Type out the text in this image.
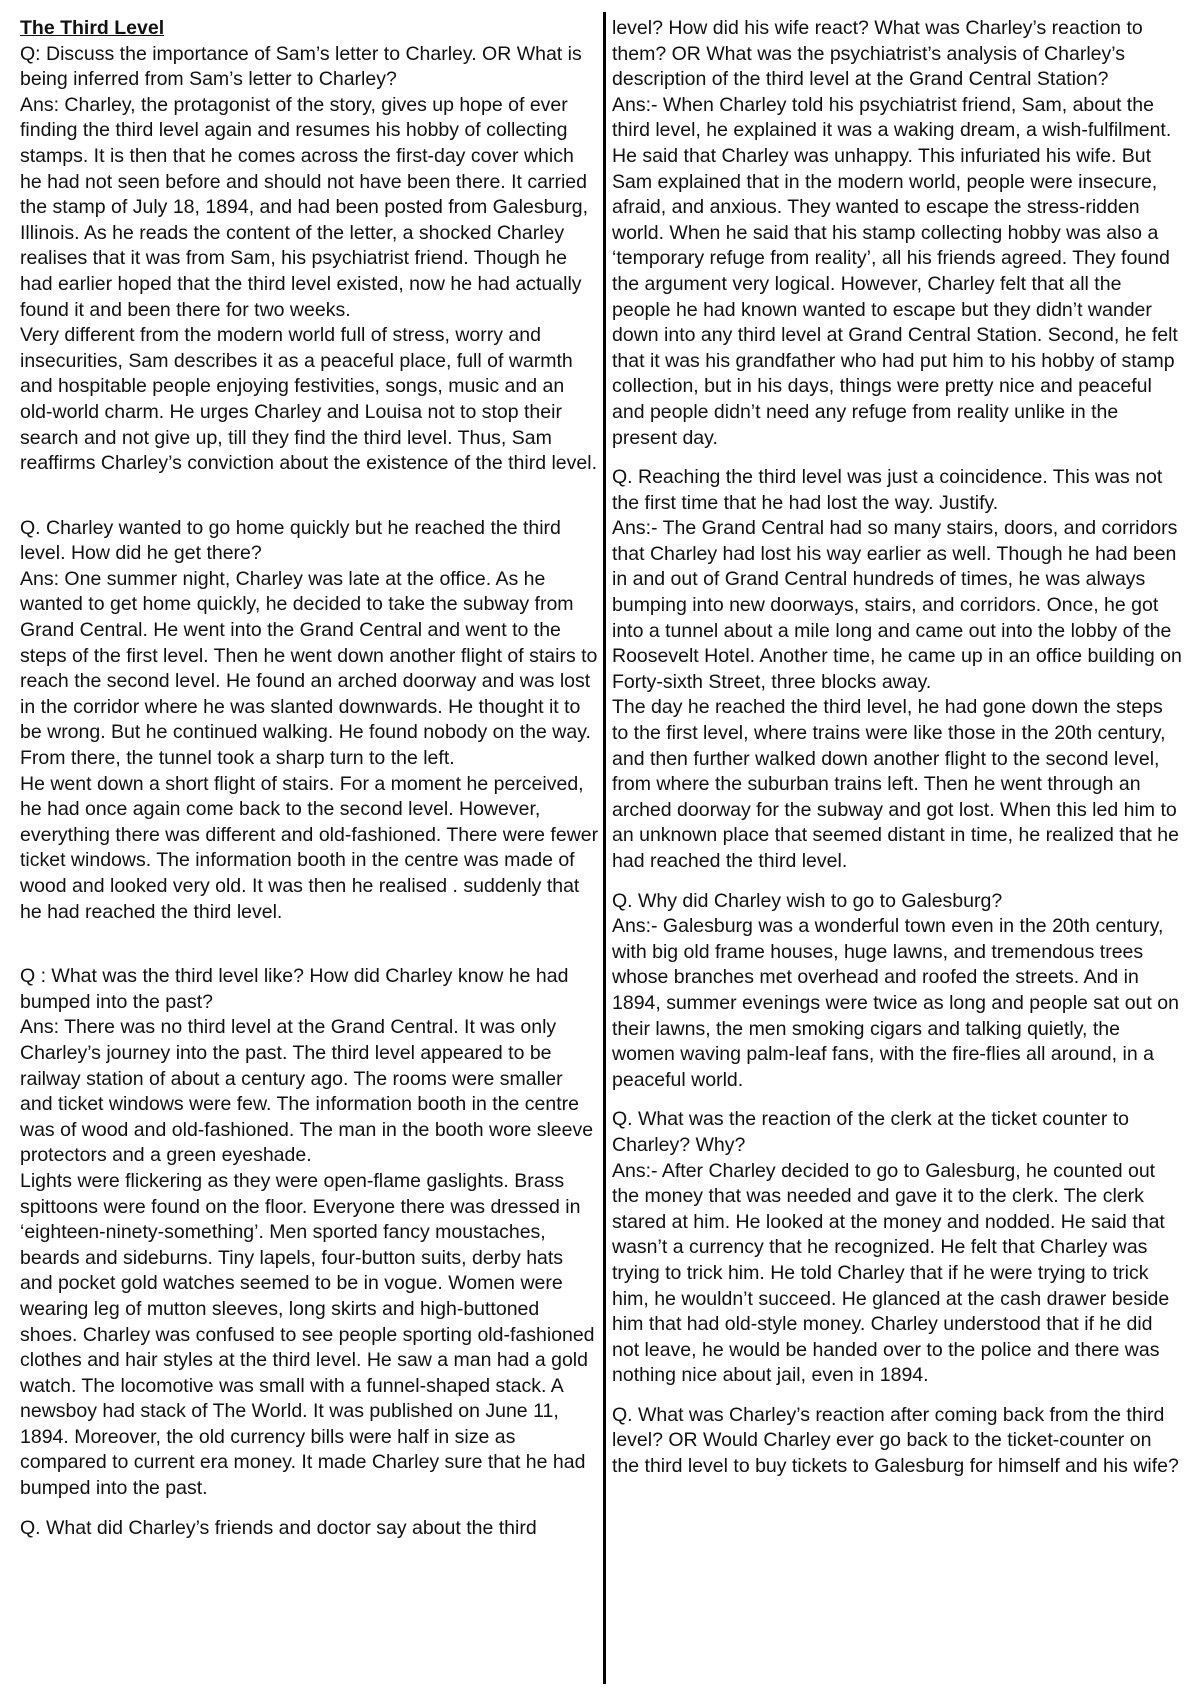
The Third Level

Q: Discuss the importance of Sam’s letter to Charley. OR What is being inferred from Sam’s letter to Charley?

Ans: Charley, the protagonist of the story, gives up hope of ever finding the third level again and resumes his hobby of collecting stamps. It is then that he comes across the first-day cover which he had not seen before and should not have been there. It carried the stamp of July 18, 1894, and had been posted from Galesburg, Illinois. As he reads the content of the letter, a shocked Charley realises that it was from Sam, his psychiatrist friend. Though he had earlier hoped that the third level existed, now he had actually found it and been there for two weeks.

Very different from the modern world full of stress, worry and insecurities, Sam describes it as a peaceful place, full of warmth and hospitable people enjoying festivities, songs, music and an old-world charm. He urges Charley and Louisa not to stop their search and not give up, till they find the third level. Thus, Sam reaffirms Charley’s conviction about the existence of the third level.

Q. Charley wanted to go home quickly but he reached the third level. How did he get there?

Ans: One summer night, Charley was late at the office. As he wanted to get home quickly, he decided to take the subway from Grand Central. He went into the Grand Central and went to the steps of the first level. Then he went down another flight of stairs to reach the second level. He found an arched doorway and was lost in the corridor where he was slanted downwards. He thought it to be wrong. But he continued walking. He found nobody on the way. From there, the tunnel took a sharp turn to the left.

He went down a short flight of stairs. For a moment he perceived, he had once again come back to the second level. However, everything there was different and old-fashioned. There were fewer ticket windows. The information booth in the centre was made of wood and looked very old. It was then he realised . suddenly that he had reached the third level.

Q : What was the third level like? How did Charley know he had bumped into the past?

Ans: There was no third level at the Grand Central. It was only Charley’s journey into the past. The third level appeared to be railway station of about a century ago. The rooms were smaller and ticket windows were few. The information booth in the centre was of wood and old-fashioned. The man in the booth wore sleeve protectors and a green eyeshade.

Lights were flickering as they were open-flame gaslights. Brass spittoons were found on the floor. Everyone there was dressed in ‘eighteen-ninety-something’. Men sported fancy moustaches, beards and sideburns. Tiny lapels, four-button suits, derby hats and pocket gold watches seemed to be in vogue. Women were wearing leg of mutton sleeves, long skirts and high-buttoned shoes. Charley was confused to see people sporting old-fashioned clothes and hair styles at the third level. He saw a man had a gold watch. The locomotive was small with a funnel-shaped stack. A newsboy had stack of The World. It was published on June 11, 1894. Moreover, the old currency bills were half in size as compared to current era money. It made Charley sure that he had bumped into the past.

Q. What did Charley’s friends and doctor say about the third

level? How did his wife react? What was Charley’s reaction to them? OR What was the psychiatrist’s analysis of Charley’s description of the third level at the Grand Central Station?

Ans:- When Charley told his psychiatrist friend, Sam, about the third level, he explained it was a waking dream, a wish-fulfilment. He said that Charley was unhappy. This infuriated his wife. But Sam explained that in the modern world, people were insecure, afraid, and anxious. They wanted to escape the stress-ridden world. When he said that his stamp collecting hobby was also a ‘temporary refuge from reality’, all his friends agreed. They found the argument very logical. However, Charley felt that all the people he had known wanted to escape but they didn’t wander down into any third level at Grand Central Station. Second, he felt that it was his grandfather who had put him to his hobby of stamp collection, but in his days, things were pretty nice and peaceful and people didn’t need any refuge from reality unlike in the present day.

Q. Reaching the third level was just a coincidence. This was not the first time that he had lost the way. Justify.

Ans:- The Grand Central had so many stairs, doors, and corridors that Charley had lost his way earlier as well. Though he had been in and out of Grand Central hundreds of times, he was always bumping into new doorways, stairs, and corridors. Once, he got into a tunnel about a mile long and came out into the lobby of the Roosevelt Hotel. Another time, he came up in an office building on Forty-sixth Street, three blocks away.

The day he reached the third level, he had gone down the steps to the first level, where trains were like those in the 20th century, and then further walked down another flight to the second level, from where the suburban trains left. Then he went through an arched doorway for the subway and got lost. When this led him to an unknown place that seemed distant in time, he realized that he had reached the third level.

Q. Why did Charley wish to go to Galesburg?

Ans:- Galesburg was a wonderful town even in the 20th century, with big old frame houses, huge lawns, and tremendous trees whose branches met overhead and roofed the streets. And in 1894, summer evenings were twice as long and people sat out on their lawns, the men smoking cigars and talking quietly, the women waving palm-leaf fans, with the fire-flies all around, in a peaceful world.

Q. What was the reaction of the clerk at the ticket counter to Charley? Why?

Ans:- After Charley decided to go to Galesburg, he counted out the money that was needed and gave it to the clerk. The clerk stared at him. He looked at the money and nodded. He said that wasn’t a currency that he recognized. He felt that Charley was trying to trick him. He told Charley that if he were trying to trick him, he wouldn’t succeed. He glanced at the cash drawer beside him that had old-style money. Charley understood that if he did not leave, he would be handed over to the police and there was nothing nice about jail, even in 1894.

Q. What was Charley’s reaction after coming back from the third level? OR Would Charley ever go back to the ticket-counter on the third level to buy tickets to Galesburg for himself and his wife?
